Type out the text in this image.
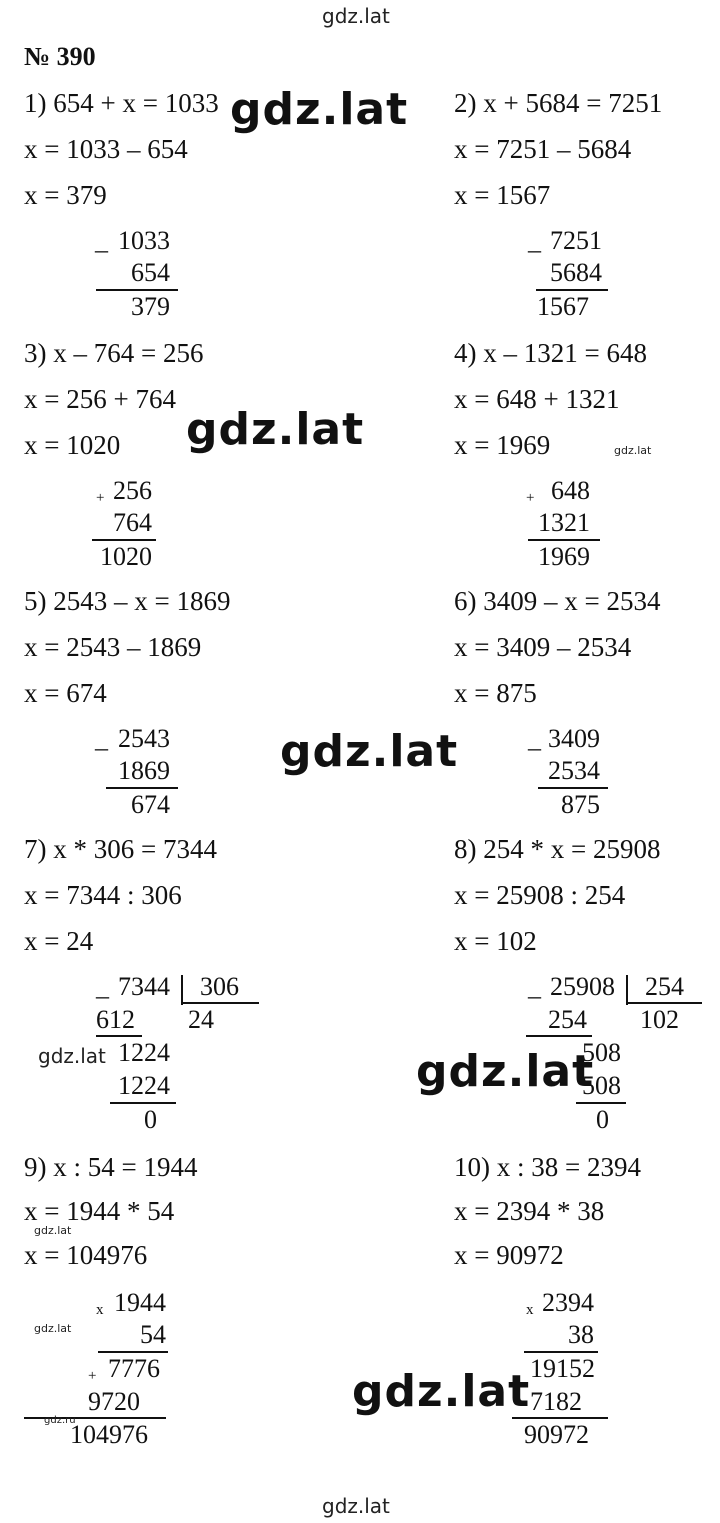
gdz.lat
№ 390
1) 654 + x = 1033
x = 1033 – 654
x = 379
_ 1033
654
379
2) x + 5684 = 7251
x = 7251 – 5684
x = 1567
_ 7251
5684
1567
3) x – 764 = 256
x = 256 + 764
x = 1020
+ 256
764
1020
4) x – 1321 = 648
x = 648 + 1321
x = 1969
+ 648
1321
1969
5) 2543 – x = 1869
x = 2543 – 1869
x = 674
_ 2543
1869
674
6) 3409 – x = 2534
x = 3409 – 2534
x = 875
_ 3409
2534
875
7) x * 306 = 7344
x = 7344 : 306
x = 24
_ 7344 306
612 24
1224
1224
0
8) 254 * x = 25908
x = 25908 : 254
x = 102
_ 25908 254
254 102
508
508
0
9) x : 54 = 1944
x = 1944 * 54
x = 104976
x 1944
54
+ 7776
9720
104976
10) x : 38 = 2394
x = 2394 * 38
x = 90972
x 2394
38
19152
7182
90972
gdz.lat
gdz.lat	gdz.lat
gdz.lat
gdz.lat	gdz.lat
gdz.lat
gdz.lat
gdz.lat
gdz.ru
gdz.lat
